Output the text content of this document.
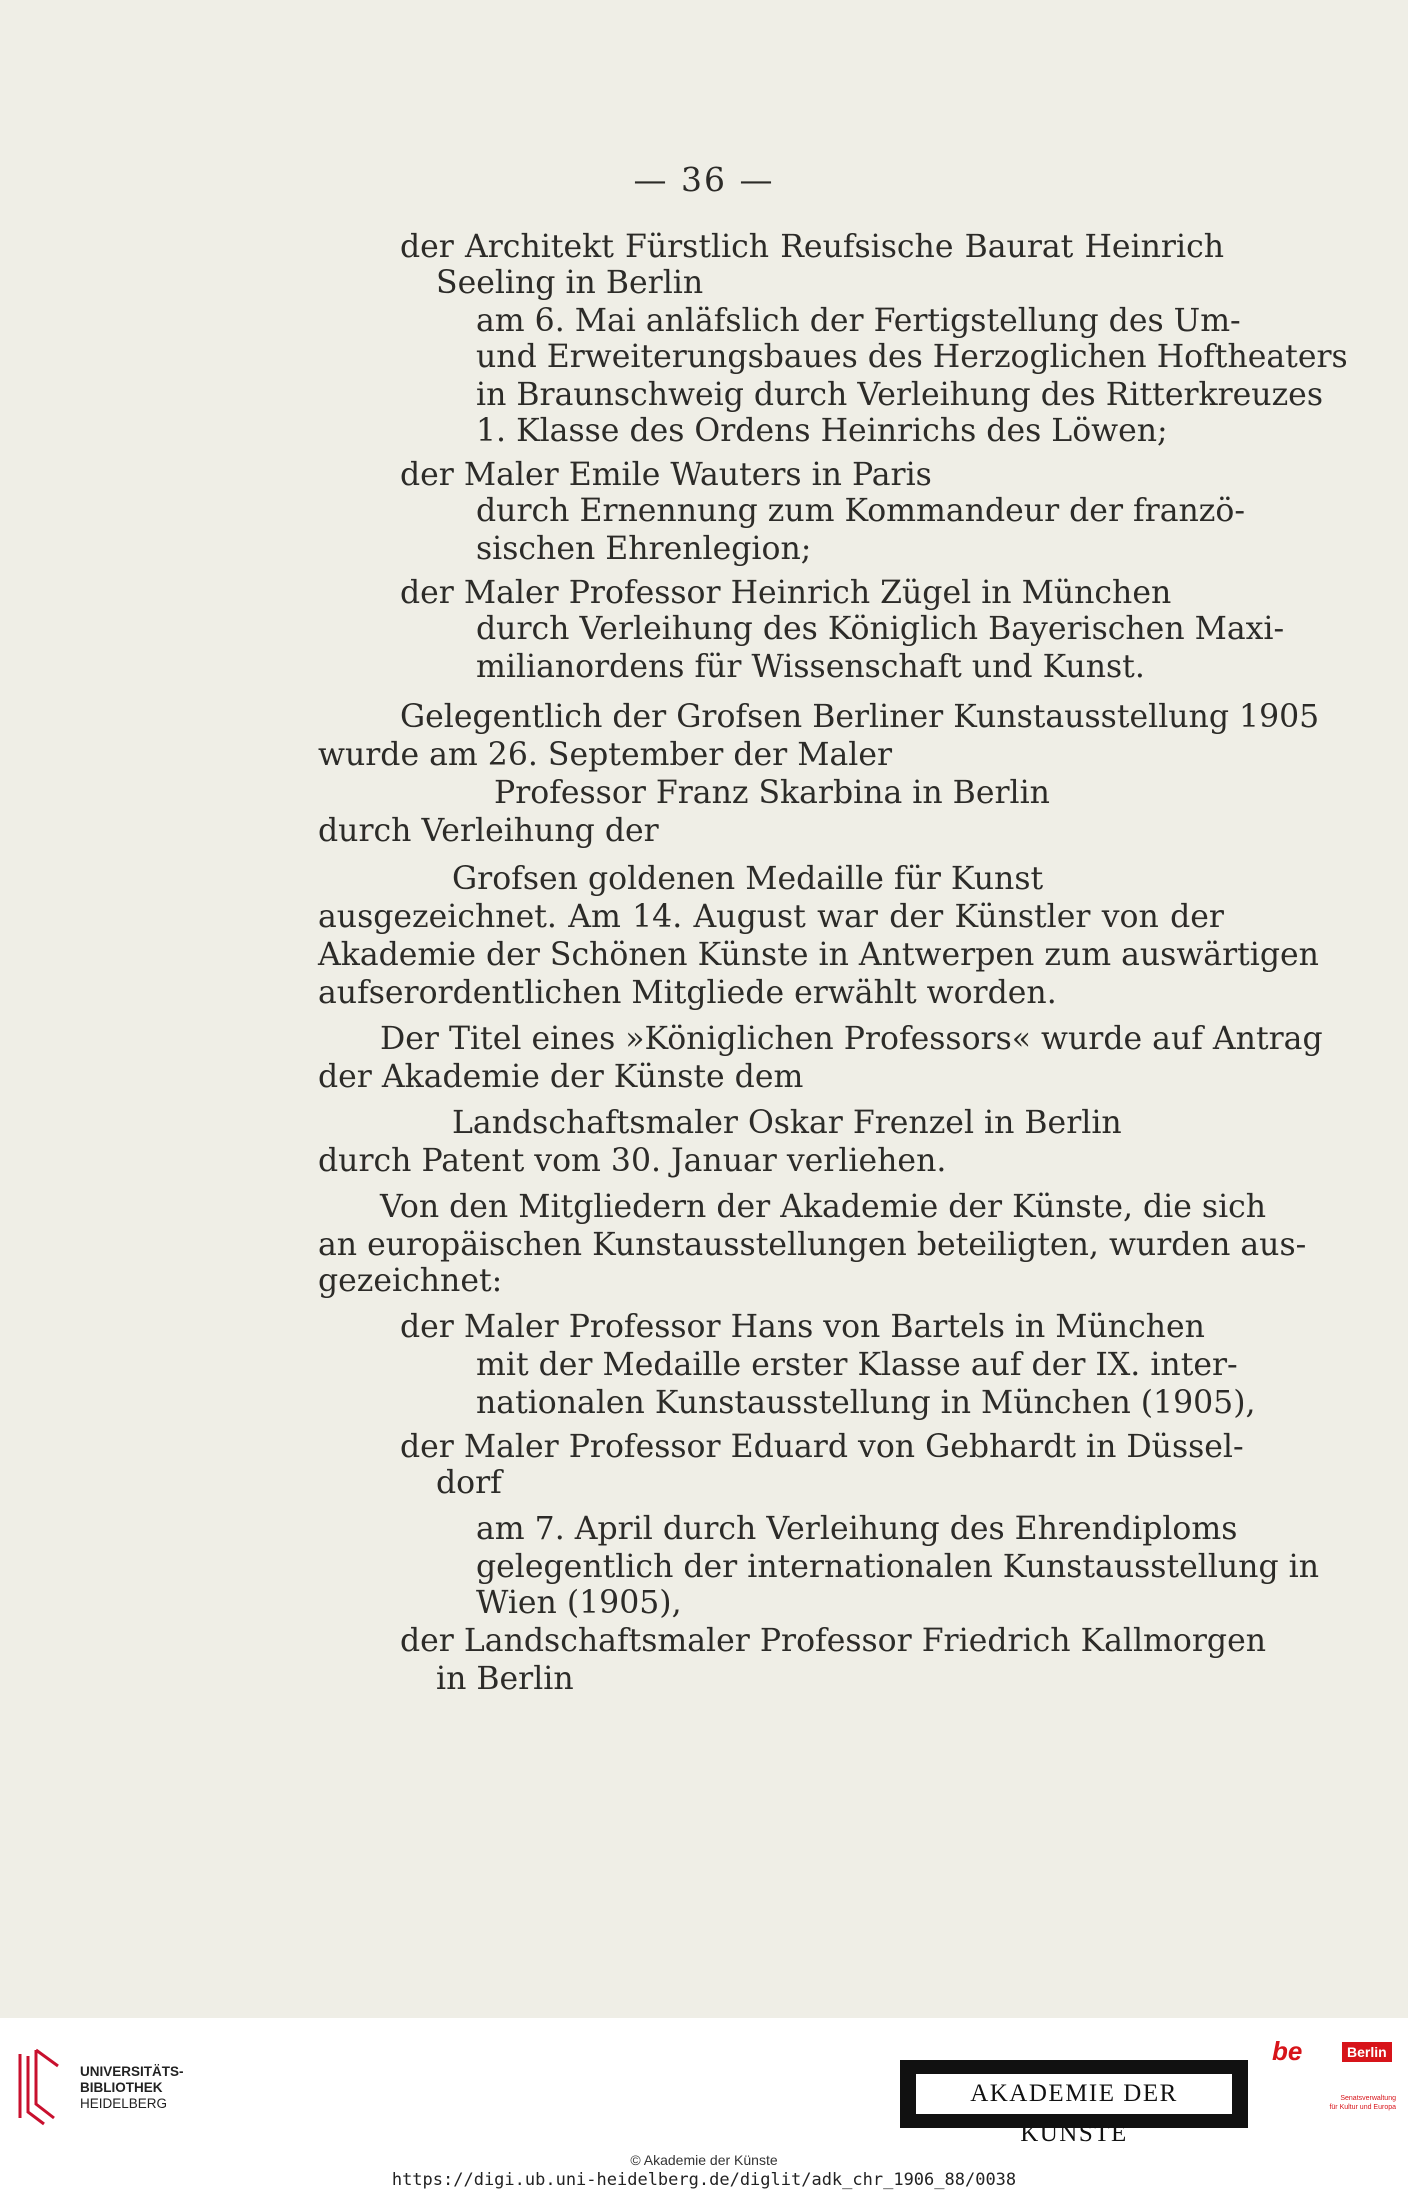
— 36 —
der Architekt Fürstlich Reufsische Baurat Heinrich
Seeling in Berlin
am 6. Mai anläfslich der Fertigstellung des Um-
und Erweiterungsbaues des Herzoglichen Hoftheaters
in Braunschweig durch Verleihung des Ritterkreuzes
1. Klasse des Ordens Heinrichs des Löwen;
der Maler Emile Wauters in Paris
durch Ernennung zum Kommandeur der franzö-
sischen Ehrenlegion;
der Maler Professor Heinrich Zügel in München
durch Verleihung des Königlich Bayerischen Maxi-
milianordens für Wissenschaft und Kunst.
Gelegentlich der Grofsen Berliner Kunstausstellung 1905
wurde am 26. September der Maler
Professor Franz Skarbina in Berlin
durch Verleihung der
Grofsen goldenen Medaille für Kunst
ausgezeichnet. Am 14. August war der Künstler von der
Akademie der Schönen Künste in Antwerpen zum auswärtigen
aufserordentlichen Mitgliede erwählt worden.
Der Titel eines »Königlichen Professors« wurde auf Antrag
der Akademie der Künste dem
Landschaftsmaler Oskar Frenzel in Berlin
durch Patent vom 30. Januar verliehen.
Von den Mitgliedern der Akademie der Künste, die sich
an europäischen Kunstausstellungen beteiligten, wurden aus-
gezeichnet:
der Maler Professor Hans von Bartels in München
mit der Medaille erster Klasse auf der IX. inter-
nationalen Kunstausstellung in München (1905),
der Maler Professor Eduard von Gebhardt in Düssel-
dorf
am 7. April durch Verleihung des Ehrendiploms
gelegentlich der internationalen Kunstausstellung in
Wien (1905),
der Landschaftsmaler Professor Friedrich Kallmorgen
in Berlin
UNIVERSITÄTS-
BIBLIOTHEK
HEIDELBERG	AKADEMIE DER KÜNSTE
be	Berlin
Senatsverwaltung
für Kultur und Europa
© Akademie der Künste
https://digi.ub.uni-heidelberg.de/diglit/adk_chr_1906_88/0038
